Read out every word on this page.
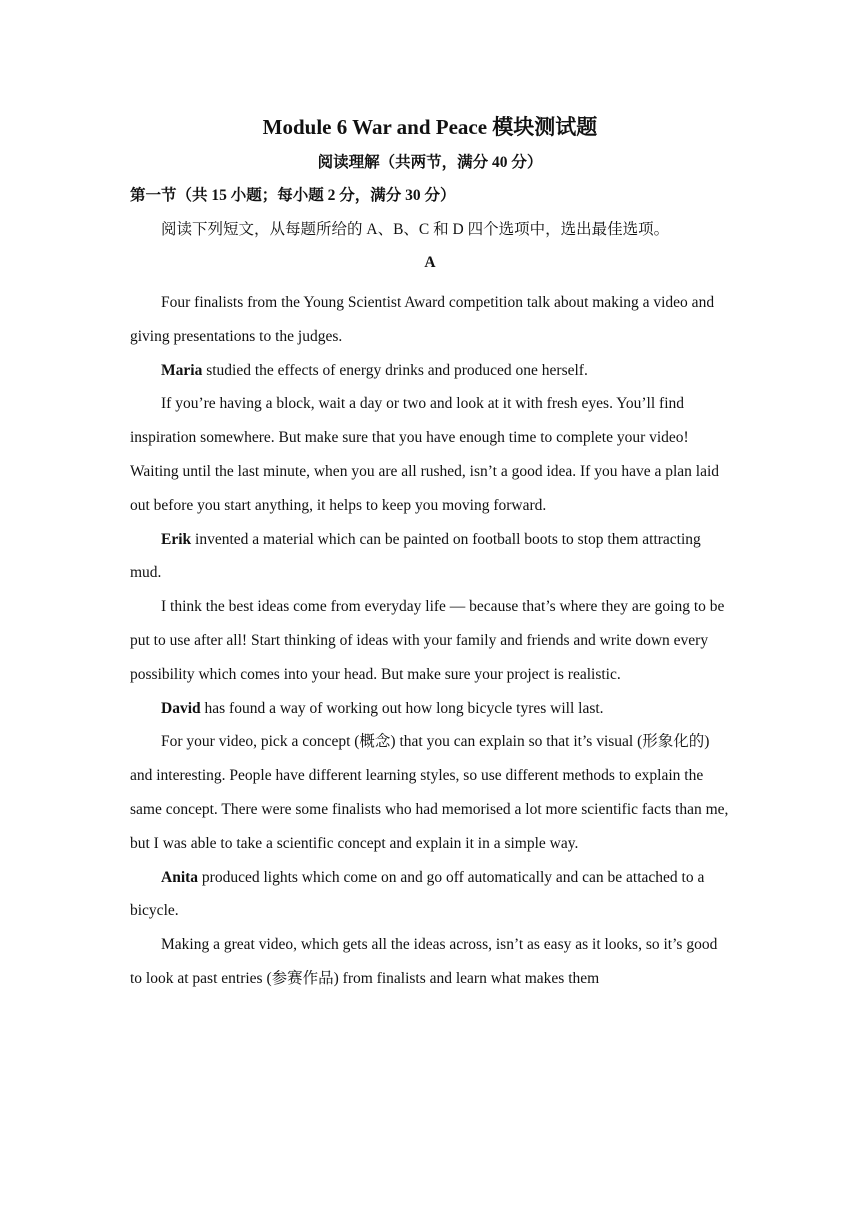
Module 6 War and Peace 模块测试题
阅读理解（共两节，满分 40 分）
第一节（共 15 小题；每小题 2 分，满分 30 分）
阅读下列短文，从每题所给的 A、B、C 和 D 四个选项中，选出最佳选项。
A

Four finalists from the Young Scientist Award competition talk about making a video and giving presentations to the judges.

Maria studied the effects of energy drinks and produced one herself.

If you’re having a block, wait a day or two and look at it with fresh eyes. You’ll find inspiration somewhere. But make sure that you have enough time to complete your video! Waiting until the last minute, when you are all rushed, isn’t a good idea. If you have a plan laid out before you start anything, it helps to keep you moving forward.

Erik invented a material which can be painted on football boots to stop them attracting mud.

I think the best ideas come from everyday life — because that’s where they are going to be put to use after all! Start thinking of ideas with your family and friends and write down every possibility which comes into your head. But make sure your project is realistic.

David has found a way of working out how long bicycle tyres will last.

For your video, pick a concept (概念) that you can explain so that it’s visual (形象化的) and interesting. People have different learning styles, so use different methods to explain the same concept. There were some finalists who had memorised a lot more scientific facts than me, but I was able to take a scientific concept and explain it in a simple way.

Anita produced lights which come on and go off automatically and can be attached to a bicycle.

Making a great video, which gets all the ideas across, isn’t as easy as it looks, so it’s good to look at past entries (参赛作品) from finalists and learn what makes them
